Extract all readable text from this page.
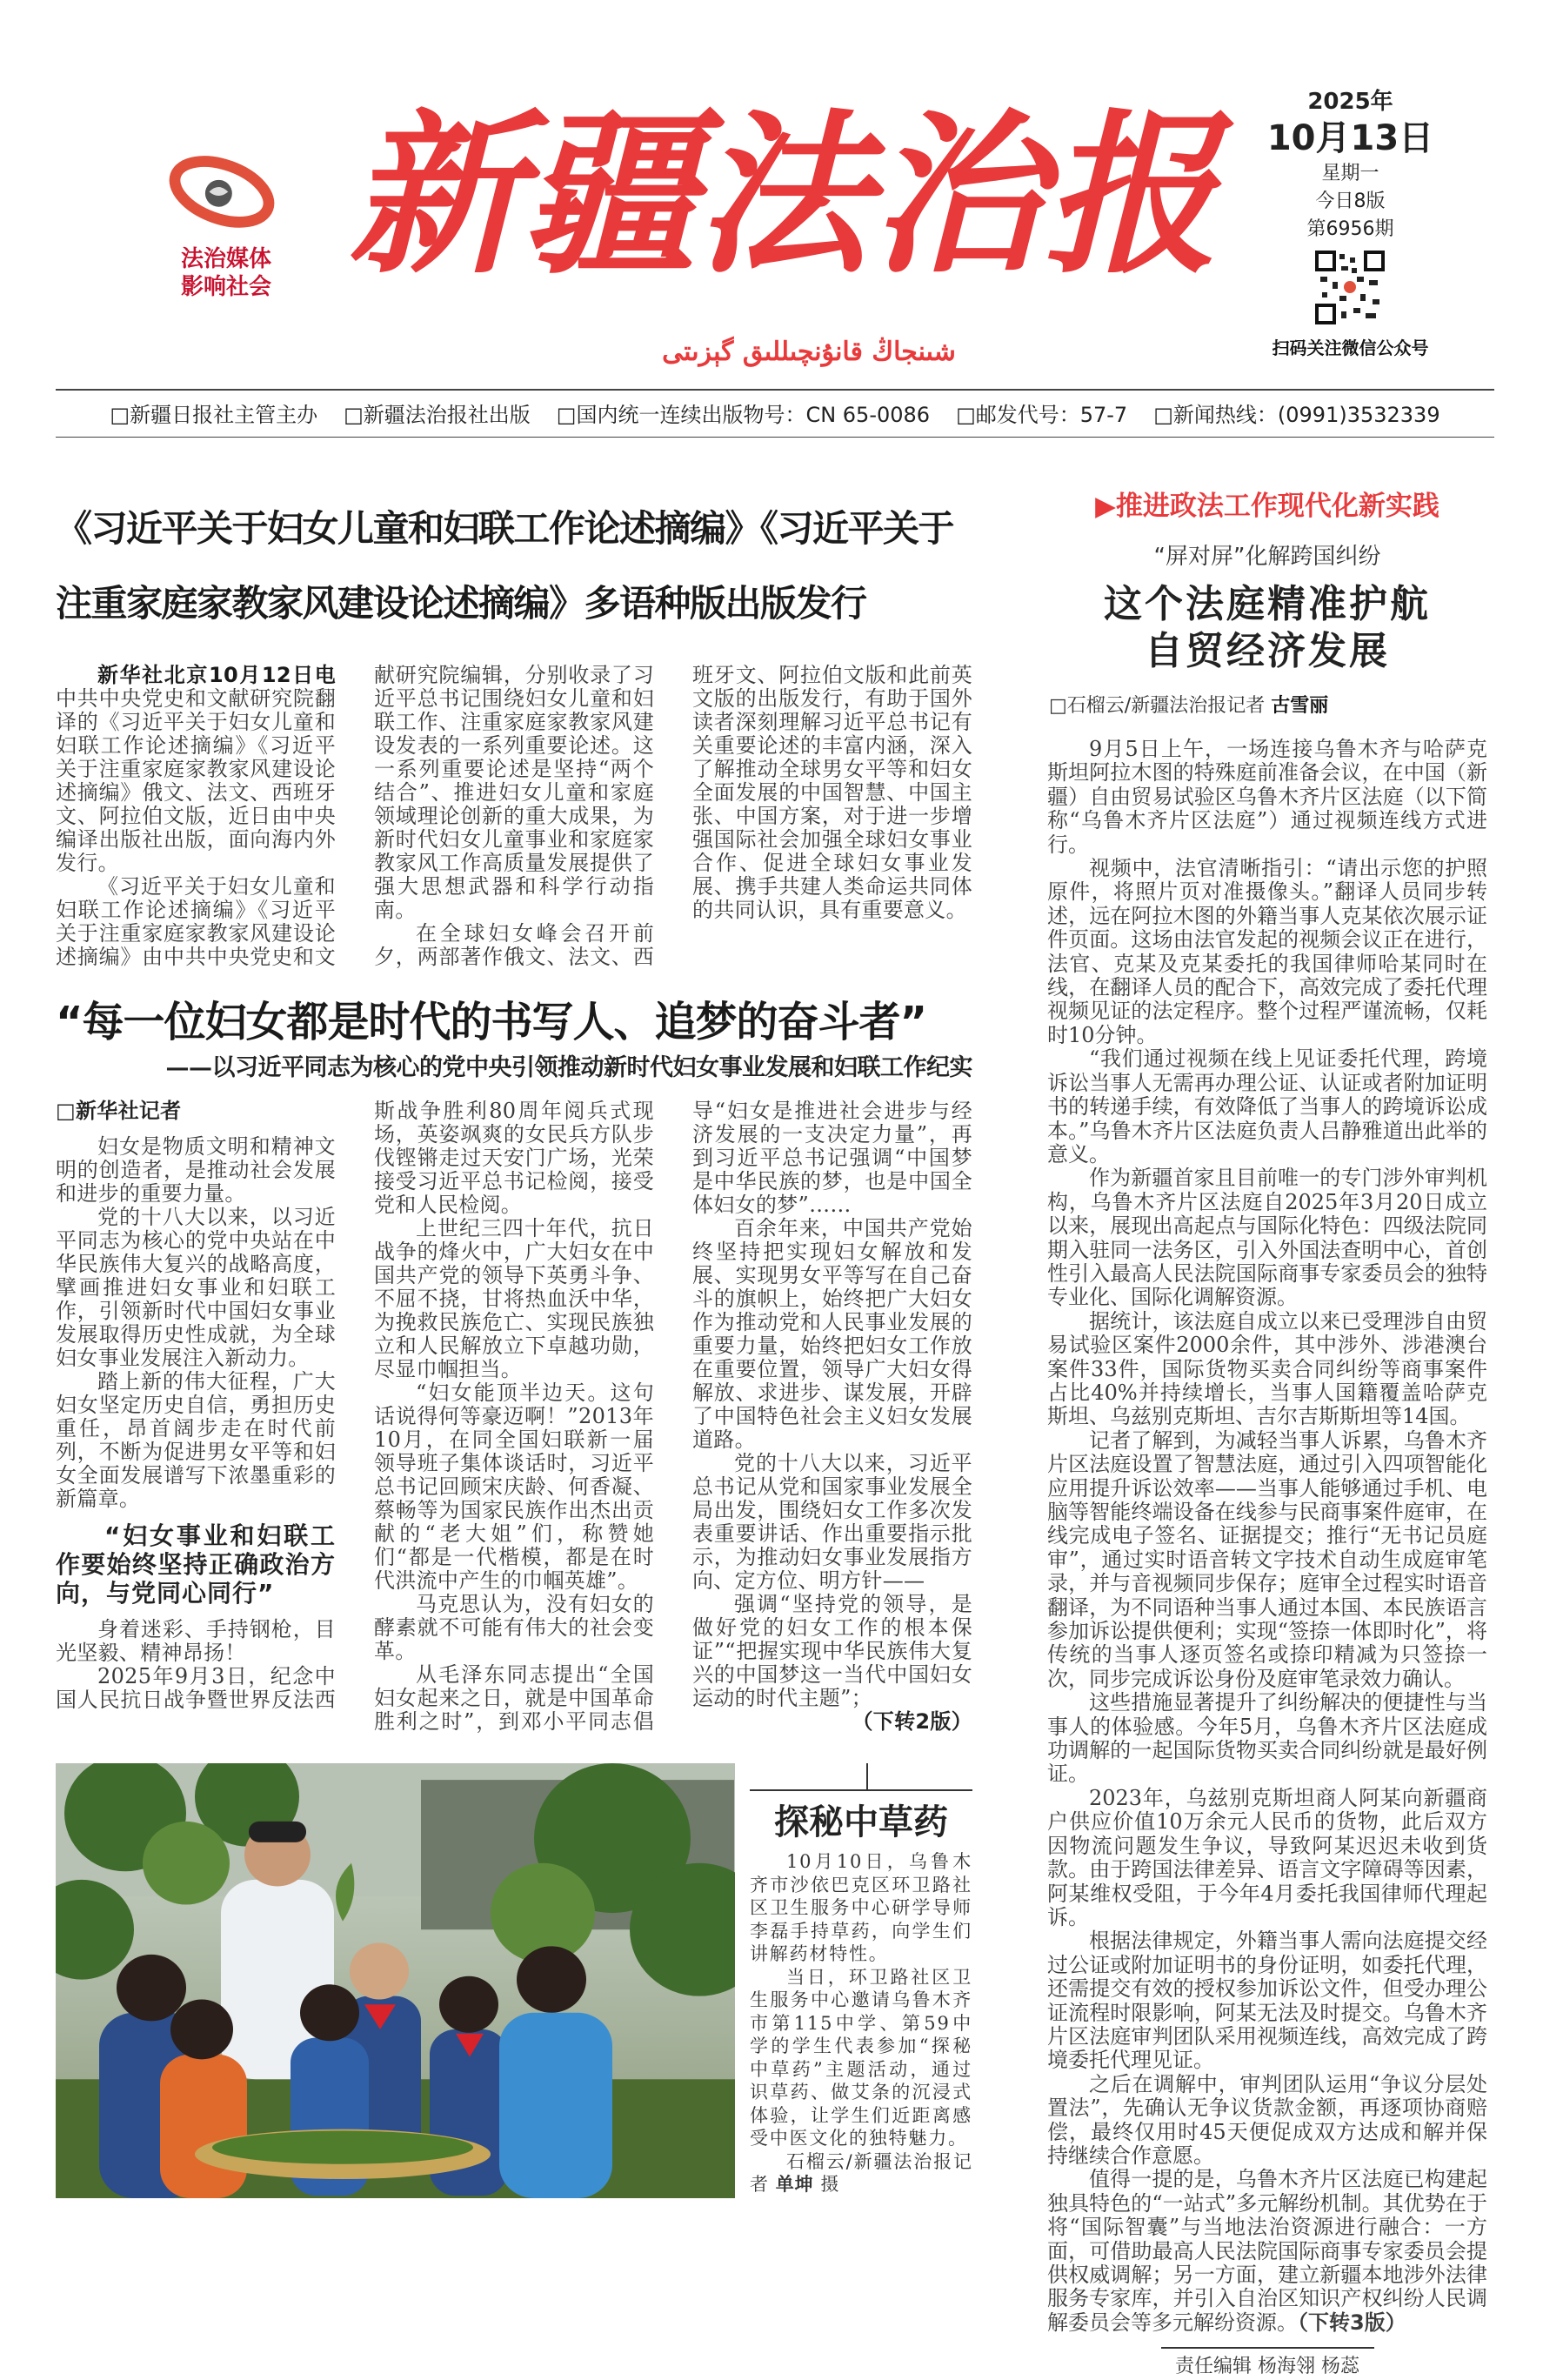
法治媒体
影响社会 新疆法治报
شىنجاڭ قانۇنچىللىق گېزىتى
2025年
10月13日
星期一
今日8版
第6956期
扫码关注微信公众号
□新疆日报社主管主办 □新疆法治报社出版 □国内统一连续出版物号：CN 65-0086 □邮发代号：57-7 □新闻热线：(0991)3532339
《习近平关于妇女儿童和妇联工作论述摘编》《习近平关于
注重家庭家教家风建设论述摘编》多语种版出版发行

新华社北京10月12日电 中共中央党史和文献研究院翻译的《习近平关于妇女儿童和妇联工作论述摘编》《习近平关于注重家庭家教家风建设论述摘编》俄文、法文、西班牙文、阿拉伯文版，近日由中央编译出版社出版，面向海内外发行。

《习近平关于妇女儿童和妇联工作论述摘编》《习近平关于注重家庭家教家风建设论述摘编》由中共中央党史和文献研究院编辑，分别收录了习近平总书记围绕妇女儿童和妇联工作、注重家庭家教家风建设发表的一系列重要论述。这一系列重要论述是坚持“两个结合”、推进妇女儿童和家庭领域理论创新的重大成果，为新时代妇女儿童事业和家庭家教家风工作高质量发展提供了强大思想武器和科学行动指南。

在全球妇女峰会召开前夕，两部著作俄文、法文、西班牙文、阿拉伯文版和此前英文版的出版发行，有助于国外读者深刻理解习近平总书记有关重要论述的丰富内涵，深入了解推动全球男女平等和妇女全面发展的中国智慧、中国主张、中国方案，对于进一步增强国际社会加强全球妇女事业合作、促进全球妇女事业发展、携手共建人类命运共同体的共同认识，具有重要意义。

“每一位妇女都是时代的书写人、追梦的奋斗者”
——以习近平同志为核心的党中央引领推动新时代妇女事业发展和妇联工作纪实

□新华社记者

妇女是物质文明和精神文明的创造者，是推动社会发展和进步的重要力量。

党的十八大以来，以习近平同志为核心的党中央站在中华民族伟大复兴的战略高度，擘画推进妇女事业和妇联工作，引领新时代中国妇女事业发展取得历史性成就，为全球妇女事业发展注入新动力。

踏上新的伟大征程，广大妇女坚定历史自信，勇担历史重任，昂首阔步走在时代前列，不断为促进男女平等和妇女全面发展谱写下浓墨重彩的新篇章。

“妇女事业和妇联工作要始终坚持正确政治方向，与党同心同行”

身着迷彩、手持钢枪，目光坚毅、精神昂扬！

2025年9月3日，纪念中国人民抗日战争暨世界反法西斯战争胜利80周年阅兵式现场，英姿飒爽的女民兵方队步伐铿锵走过天安门广场，光荣接受习近平总书记检阅，接受党和人民检阅。

上世纪三四十年代，抗日战争的烽火中，广大妇女在中国共产党的领导下英勇斗争、不屈不挠，甘将热血沃中华，为挽救民族危亡、实现民族独立和人民解放立下卓越功勋，尽显巾帼担当。

“妇女能顶半边天。这句话说得何等豪迈啊！”2013年10月，在同全国妇联新一届领导班子集体谈话时，习近平总书记回顾宋庆龄、何香凝、蔡畅等为国家民族作出杰出贡献的“老大姐”们，称赞她们“都是一代楷模，都是在时代洪流中产生的巾帼英雄”。

马克思认为，没有妇女的酵素就不可能有伟大的社会变革。

从毛泽东同志提出“全国妇女起来之日，就是中国革命胜利之时”，到邓小平同志倡导“妇女是推进社会进步与经济发展的一支决定力量”，再到习近平总书记强调“中国梦是中华民族的梦，也是中国全体妇女的梦”……

百余年来，中国共产党始终坚持把实现妇女解放和发展、实现男女平等写在自己奋斗的旗帜上，始终把广大妇女作为推动党和人民事业发展的重要力量，始终把妇女工作放在重要位置，领导广大妇女得解放、求进步、谋发展，开辟了中国特色社会主义妇女发展道路。

党的十八大以来，习近平总书记从党和国家事业发展全局出发，围绕妇女工作多次发表重要讲话、作出重要指示批示，为推动妇女事业发展指方向、定方位、明方针——

强调“坚持党的领导，是做好党的妇女工作的根本保证”“把握实现中华民族伟大复兴的中国梦这一当代中国妇女运动的时代主题”；
（下转2版）

探秘中草药

10月10日，乌鲁木齐市沙依巴克区环卫路社区卫生服务中心研学导师李磊手持草药，向学生们讲解药材特性。

当日，环卫路社区卫生服务中心邀请乌鲁木齐市第115中学、第59中学的学生代表参加“探秘中草药”主题活动，通过识草药、做艾条的沉浸式体验，让学生们近距离感受中医文化的独特魅力。

石榴云/新疆法治报记者 单坤 摄

▶推进政法工作现代化新实践
“屏对屏”化解跨国纠纷
这个法庭精准护航
自贸经济发展
□石榴云/新疆法治报记者 古雪丽

9月5日上午，一场连接乌鲁木齐与哈萨克斯坦阿拉木图的特殊庭前准备会议，在中国（新疆）自由贸易试验区乌鲁木齐片区法庭（以下简称“乌鲁木齐片区法庭”）通过视频连线方式进行。

视频中，法官清晰指引：“请出示您的护照原件，将照片页对准摄像头。”翻译人员同步转述，远在阿拉木图的外籍当事人克某依次展示证件页面。这场由法官发起的视频会议正在进行，法官、克某及克某委托的我国律师哈某同时在线，在翻译人员的配合下，高效完成了委托代理视频见证的法定程序。整个过程严谨流畅，仅耗时10分钟。

“我们通过视频在线上见证委托代理，跨境诉讼当事人无需再办理公证、认证或者附加证明书的转递手续，有效降低了当事人的跨境诉讼成本。”乌鲁木齐片区法庭负责人吕静雅道出此举的意义。

作为新疆首家且目前唯一的专门涉外审判机构，乌鲁木齐片区法庭自2025年3月20日成立以来，展现出高起点与国际化特色：四级法院同期入驻同一法务区，引入外国法查明中心，首创性引入最高人民法院国际商事专家委员会的独特专业化、国际化调解资源。

据统计，该法庭自成立以来已受理涉自由贸易试验区案件2000余件，其中涉外、涉港澳台案件33件，国际货物买卖合同纠纷等商事案件占比40%并持续增长，当事人国籍覆盖哈萨克斯坦、乌兹别克斯坦、吉尔吉斯斯坦等14国。

记者了解到，为减轻当事人诉累，乌鲁木齐片区法庭设置了智慧法庭，通过引入四项智能化应用提升诉讼效率——当事人能够通过手机、电脑等智能终端设备在线参与民商事案件庭审，在线完成电子签名、证据提交；推行“无书记员庭审”，通过实时语音转文字技术自动生成庭审笔录，并与音视频同步保存；庭审全过程实时语音翻译，为不同语种当事人通过本国、本民族语言参加诉讼提供便利；实现“签捺一体即时化”，将传统的当事人逐页签名或捺印精减为只签捺一次，同步完成诉讼身份及庭审笔录效力确认。

这些措施显著提升了纠纷解决的便捷性与当事人的体验感。今年5月，乌鲁木齐片区法庭成功调解的一起国际货物买卖合同纠纷就是最好例证。

2023年，乌兹别克斯坦商人阿某向新疆商户供应价值10万余元人民币的货物，此后双方因物流问题发生争议，导致阿某迟迟未收到货款。由于跨国法律差异、语言文字障碍等因素，阿某维权受阻，于今年4月委托我国律师代理起诉。

根据法律规定，外籍当事人需向法庭提交经过公证或附加证明书的身份证明，如委托代理，还需提交有效的授权参加诉讼文件，但受办理公证流程时限影响，阿某无法及时提交。乌鲁木齐片区法庭审判团队采用视频连线，高效完成了跨境委托代理见证。

之后在调解中，审判团队运用“争议分层处置法”，先确认无争议货款金额，再逐项协商赔偿，最终仅用时45天便促成双方达成和解并保持继续合作意愿。

值得一提的是，乌鲁木齐片区法庭已构建起独具特色的“一站式”多元解纷机制。其优势在于将“国际智囊”与当地法治资源进行融合：一方面，可借助最高人民法院国际商事专家委员会提供权威调解；另一方面，建立新疆本地涉外法律服务专家库，并引入自治区知识产权纠纷人民调解委员会等多元解纷资源。（下转3版）

责任编辑 杨海翎 杨蕊
